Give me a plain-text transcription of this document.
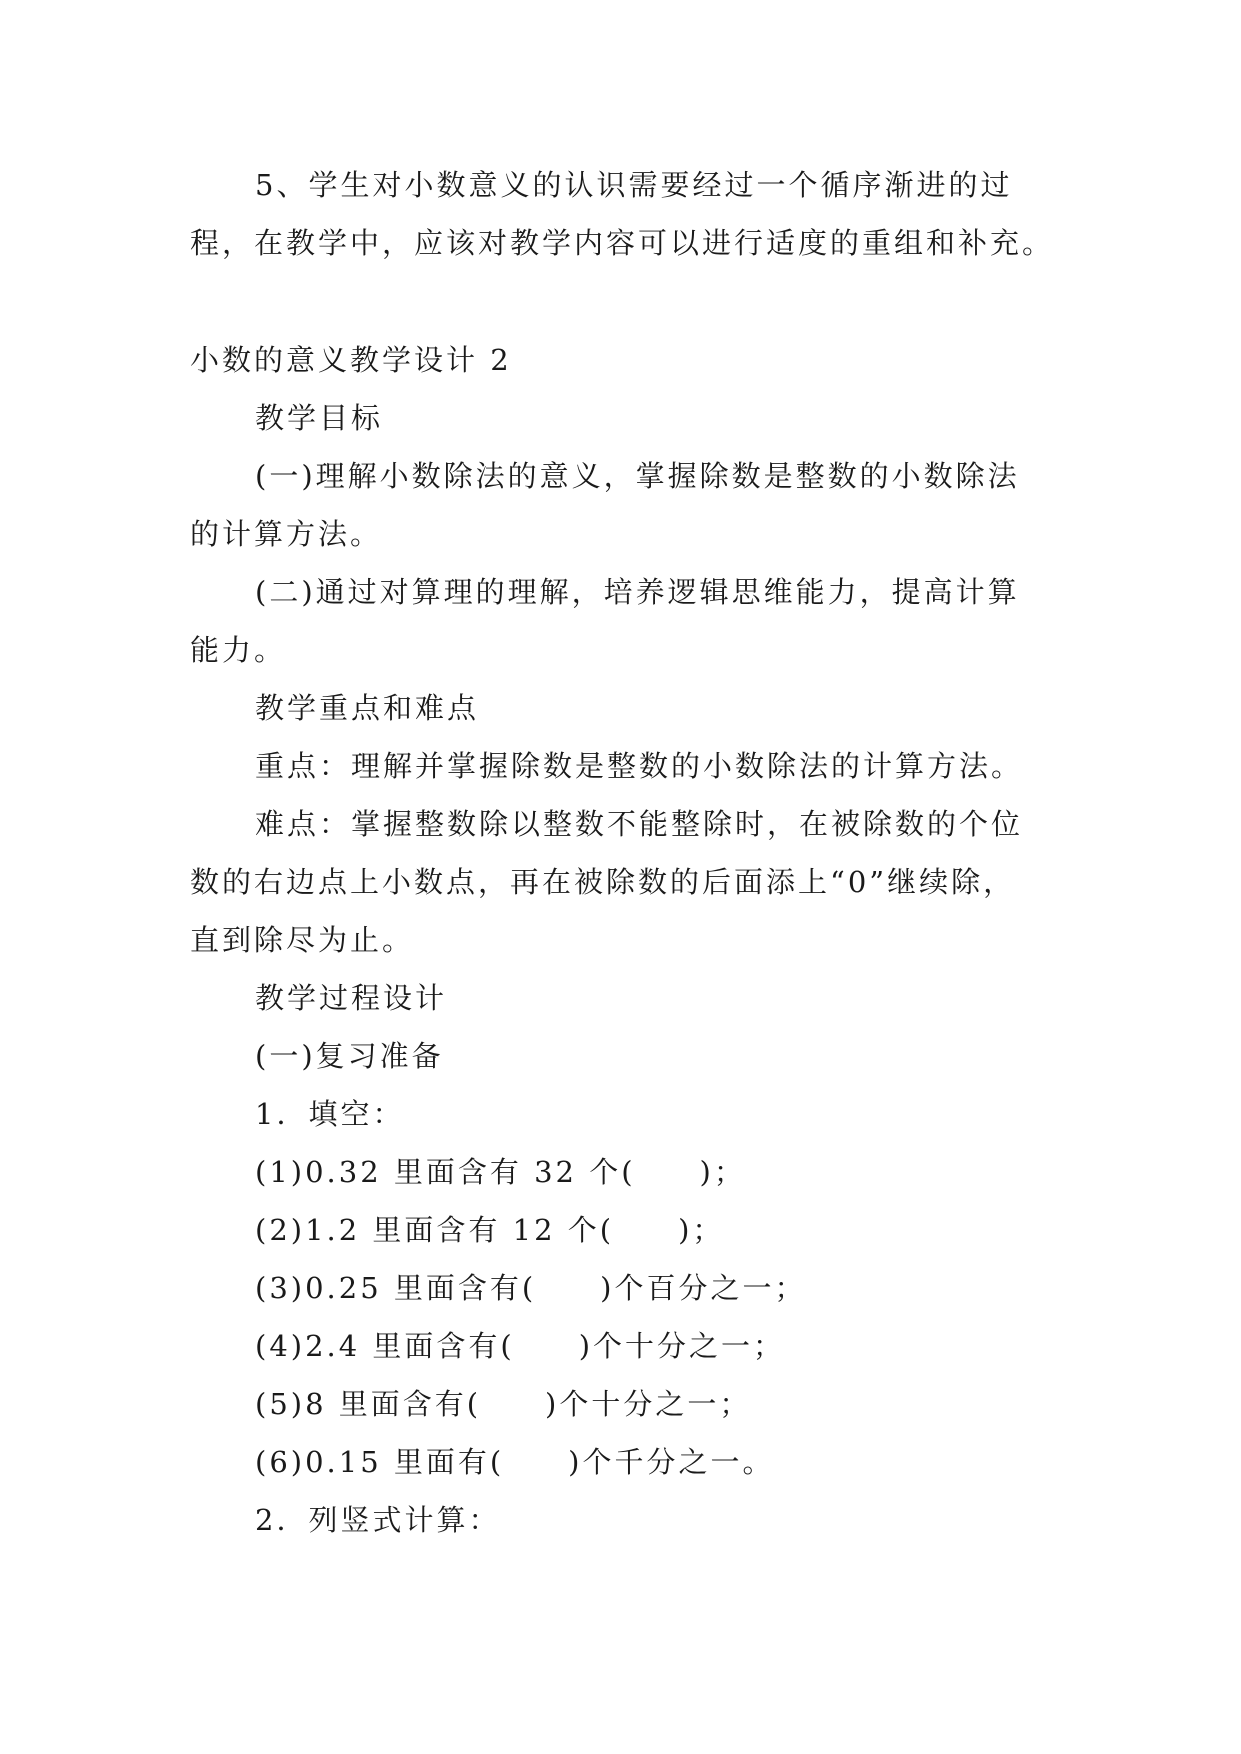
5、学生对小数意义的认识需要经过一个循序渐进的过
程，在教学中，应该对教学内容可以进行适度的重组和补充。
小数的意义教学设计 2
教学目标
(一)理解小数除法的意义，掌握除数是整数的小数除法
的计算方法。
(二)通过对算理的理解，培养逻辑思维能力，提高计算
能力。
教学重点和难点
重点：理解并掌握除数是整数的小数除法的计算方法。
难点：掌握整数除以整数不能整除时，在被除数的个位
数的右边点上小数点，再在被除数的后面添上“0”继续除，
直到除尽为止。
教学过程设计
(一)复习准备
1．填空：
(1)0.32 里面含有 32 个(　　)；
(2)1.2 里面含有 12 个(　　)；
(3)0.25 里面含有(　　)个百分之一；
(4)2.4 里面含有(　　)个十分之一；
(5)8 里面含有(　　)个十分之一；
(6)0.15 里面有(　　)个千分之一。
2．列竖式计算：
